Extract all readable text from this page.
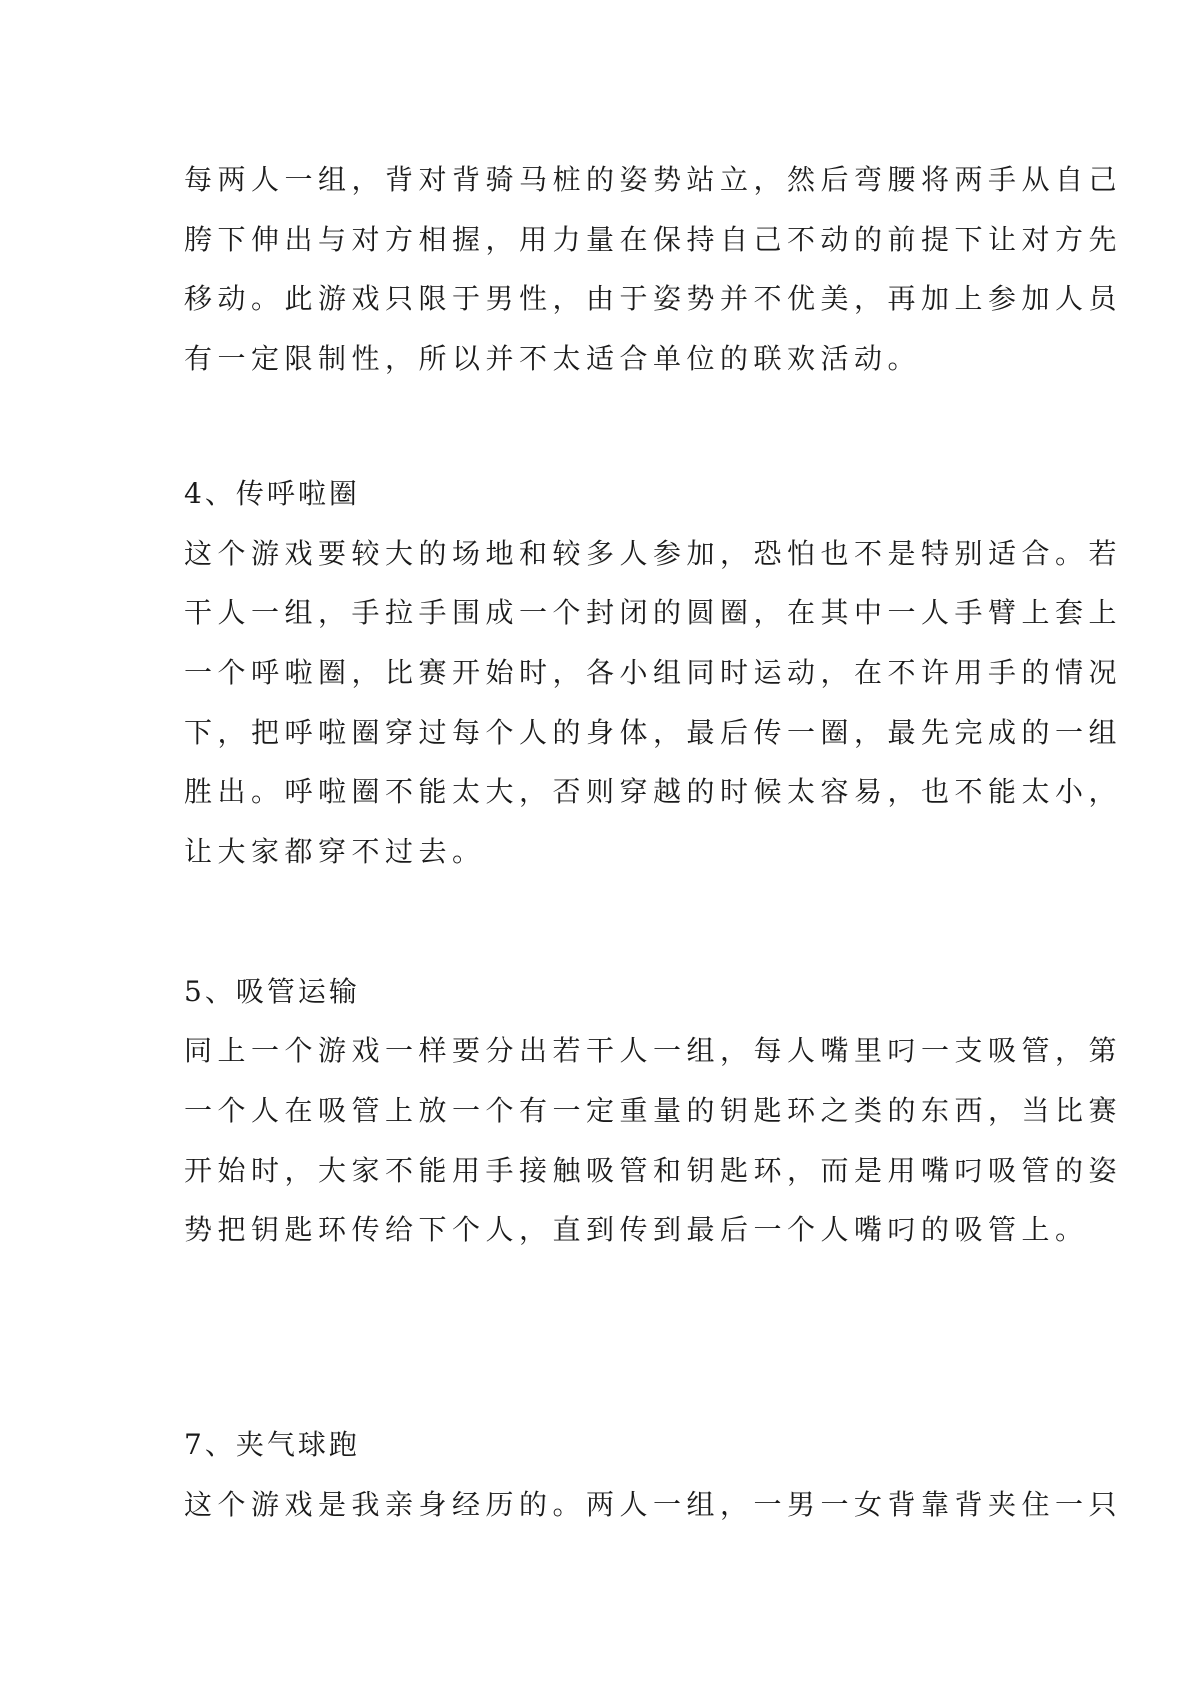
每两人一组，背对背骑马桩的姿势站立，然后弯腰将两手从自己
胯下伸出与对方相握，用力量在保持自己不动的前提下让对方先
移动。此游戏只限于男性，由于姿势并不优美，再加上参加人员
有一定限制性，所以并不太适合单位的联欢活动。
4、传呼啦圈
这个游戏要较大的场地和较多人参加，恐怕也不是特别适合。若
干人一组，手拉手围成一个封闭的圆圈，在其中一人手臂上套上
一个呼啦圈，比赛开始时，各小组同时运动，在不许用手的情况
下，把呼啦圈穿过每个人的身体，最后传一圈，最先完成的一组
胜出。呼啦圈不能太大，否则穿越的时候太容易，也不能太小，
让大家都穿不过去。
5、吸管运输
同上一个游戏一样要分出若干人一组，每人嘴里叼一支吸管，第
一个人在吸管上放一个有一定重量的钥匙环之类的东西，当比赛
开始时，大家不能用手接触吸管和钥匙环，而是用嘴叼吸管的姿
势把钥匙环传给下个人，直到传到最后一个人嘴叼的吸管上。
7、夹气球跑
这个游戏是我亲身经历的。两人一组，一男一女背靠背夹住一只
